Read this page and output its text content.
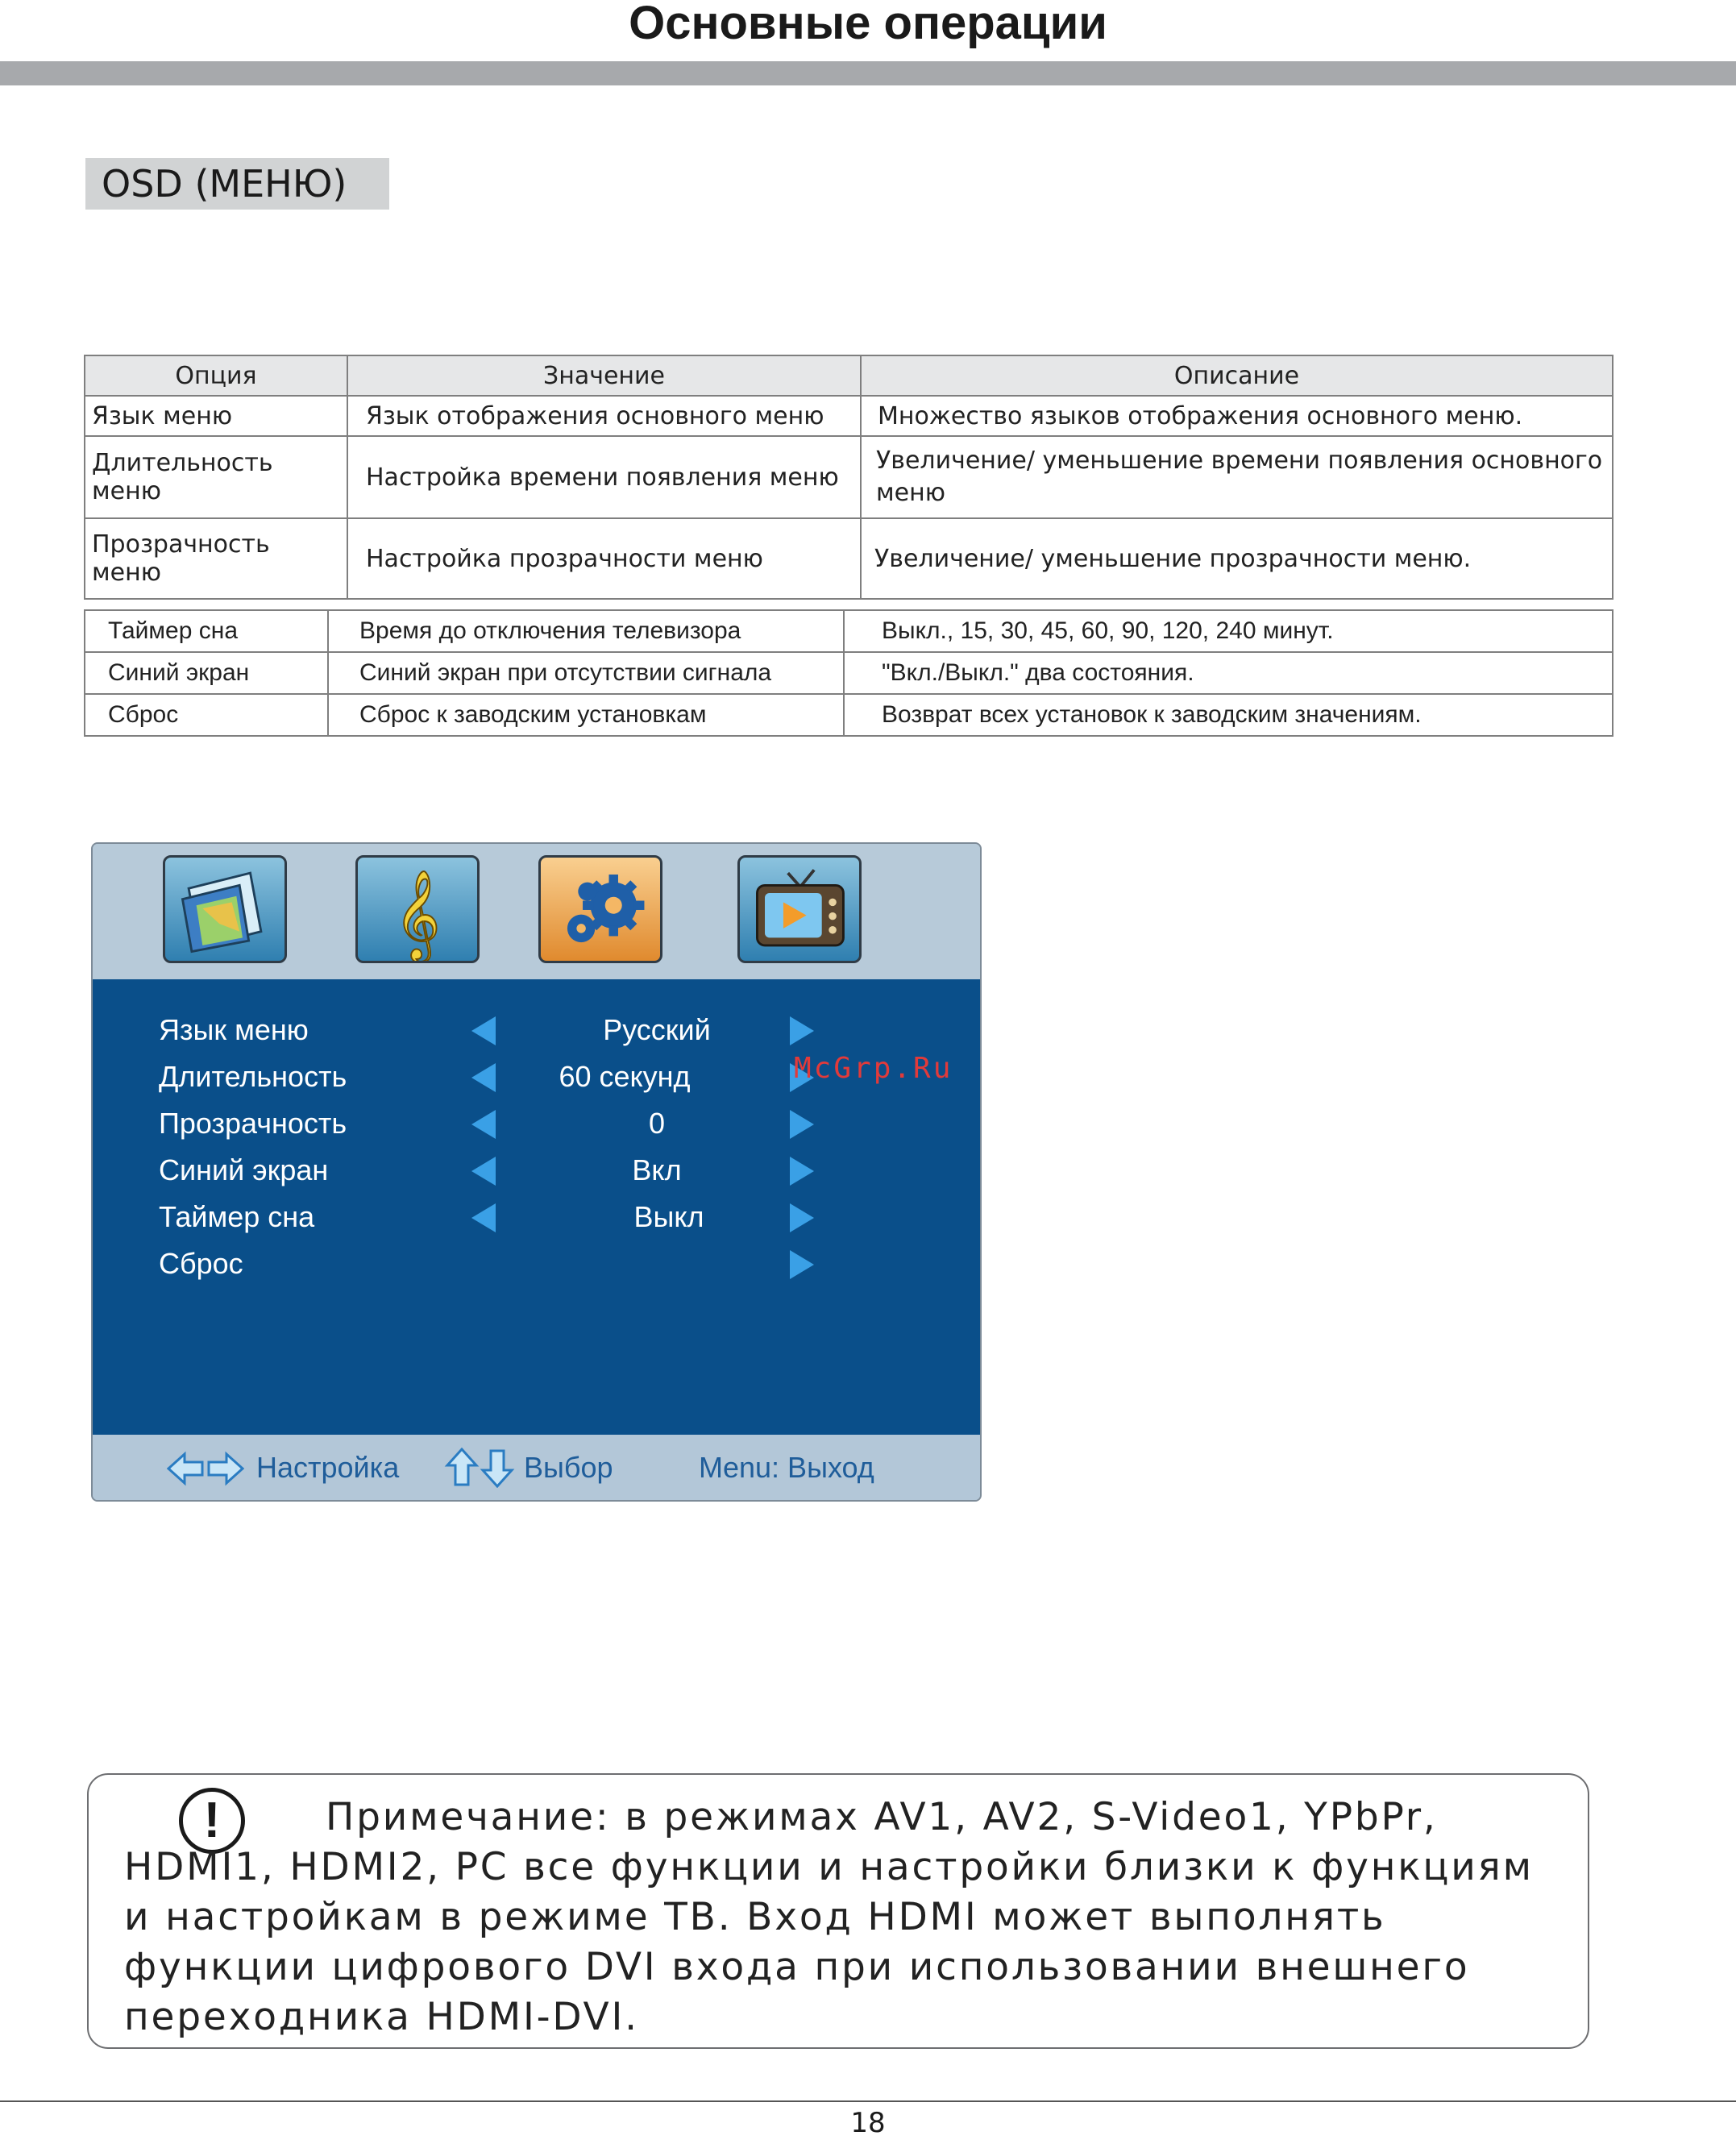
Основные операции
OSD (МЕНЮ)
Опция	Значение	Описание
Язык меню	Язык отображения основного меню	Множество языков отображения основного меню.
Длительность меню	Настройка времени появления меню	Увеличение/ уменьшение времени появления основного меню
Прозрачность меню	Настройка прозрачности меню	Увеличение/ уменьшение прозрачности меню.
Таймер сна	Время до отключения телевизора	Выкл., 15, 30, 45, 60, 90, 120, 240 минут.
Синий экран	Синий экран при отсутствии сигнала	"Вкл./Выкл." два состояния.
Сброс	Сброс к заводским установкам	Возврат всех установок к заводским значениям.
𝄞
Язык меню	Русский
Длительность	60 секунд
Прозрачность	0
Синий экран	Вкл
Таймер сна	Выкл
Сброс
McGrp.Ru
Настройка	Выбор	Menu: Выход
!	Примечание: в режимах AV1, AV2, S-Video1, YPbPr, HDMI1, HDMI2, PC все функции и настройки близки к функциям и настройкам в режиме ТВ. Вход HDMI может выполнять функции цифрового DVI входа при использовании внешнего переходника HDMI-DVI.
18
